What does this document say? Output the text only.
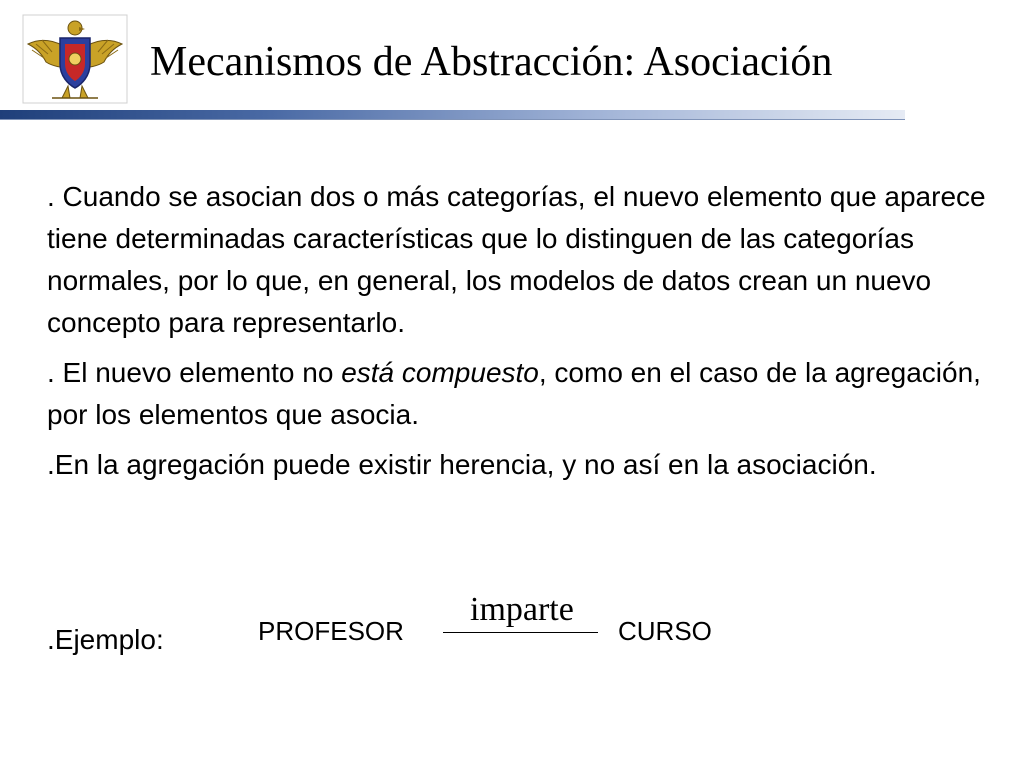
Mecanismos de Abstracción: Asociación

. Cuando se asocian dos o más categorías, el nuevo elemento que aparece tiene determinadas características que lo distinguen de las categorías normales, por lo que, en general, los modelos de datos crean un nuevo concepto para representarlo.

. El nuevo elemento no está compuesto, como en el caso de la agregación, por los elementos que asocia.

.En la agregación puede existir herencia, y no así en la asociación.

.Ejemplo:	PROFESOR
imparte
CURSO
